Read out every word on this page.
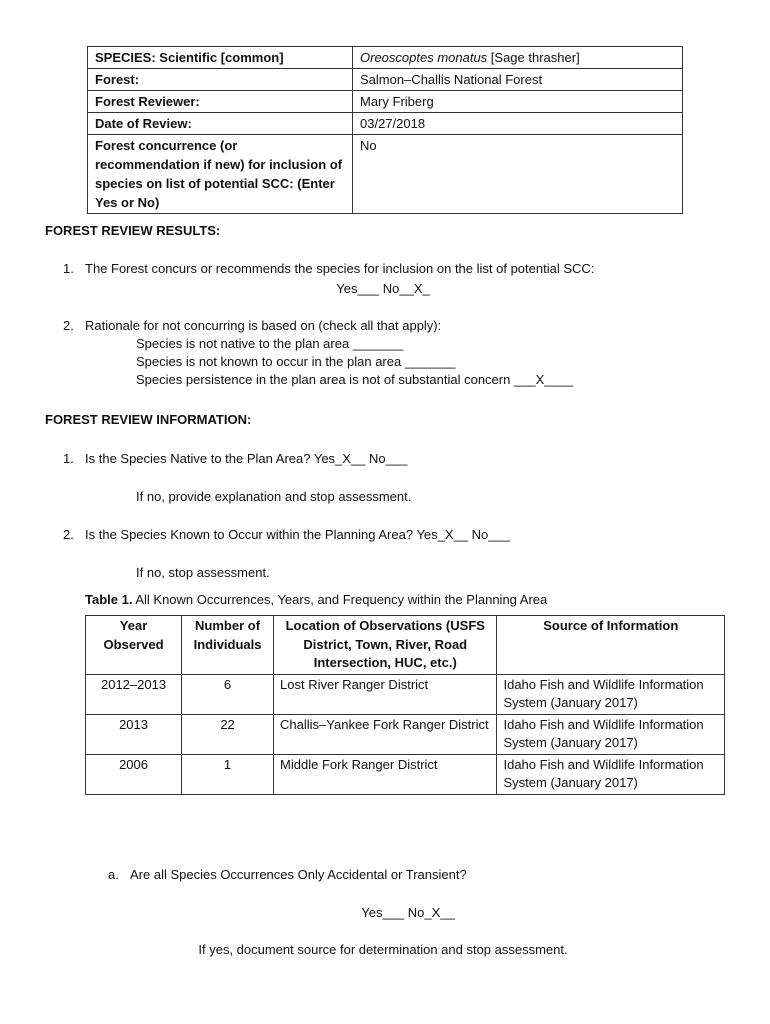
SPECIES: Scientific [common]	Oreoscoptes monatus [Sage thrasher]
Forest:	Salmon–Challis National Forest
Forest Reviewer:	Mary Friberg
Date of Review:	03/27/2018
Forest concurrence (or recommendation if new) for inclusion of species on list of potential SCC: (Enter Yes or No)	No
FOREST REVIEW RESULTS:
1. The Forest concurs or recommends the species for inclusion on the list of potential SCC:
Yes___ No__X_
2. Rationale for not concurring is based on (check all that apply):
Species is not native to the plan area _______
Species is not known to occur in the plan area _______
Species persistence in the plan area is not of substantial concern ___X____
FOREST REVIEW INFORMATION:
1. Is the Species Native to the Plan Area? Yes_X__ No___
If no, provide explanation and stop assessment.
2. Is the Species Known to Occur within the Planning Area? Yes_X__ No___
If no, stop assessment.
Table 1. All Known Occurrences, Years, and Frequency within the Planning Area
Year Observed	Number of Individuals	Location of Observations (USFS District, Town, River, Road Intersection, HUC, etc.)	Source of Information
2012–2013	6	Lost River Ranger District	Idaho Fish and Wildlife Information System (January 2017)
2013	22	Challis–Yankee Fork Ranger District	Idaho Fish and Wildlife Information System (January 2017)
2006	1	Middle Fork Ranger District	Idaho Fish and Wildlife Information System (January 2017)
a. Are all Species Occurrences Only Accidental or Transient?
Yes___ No_X__
If yes, document source for determination and stop assessment.
